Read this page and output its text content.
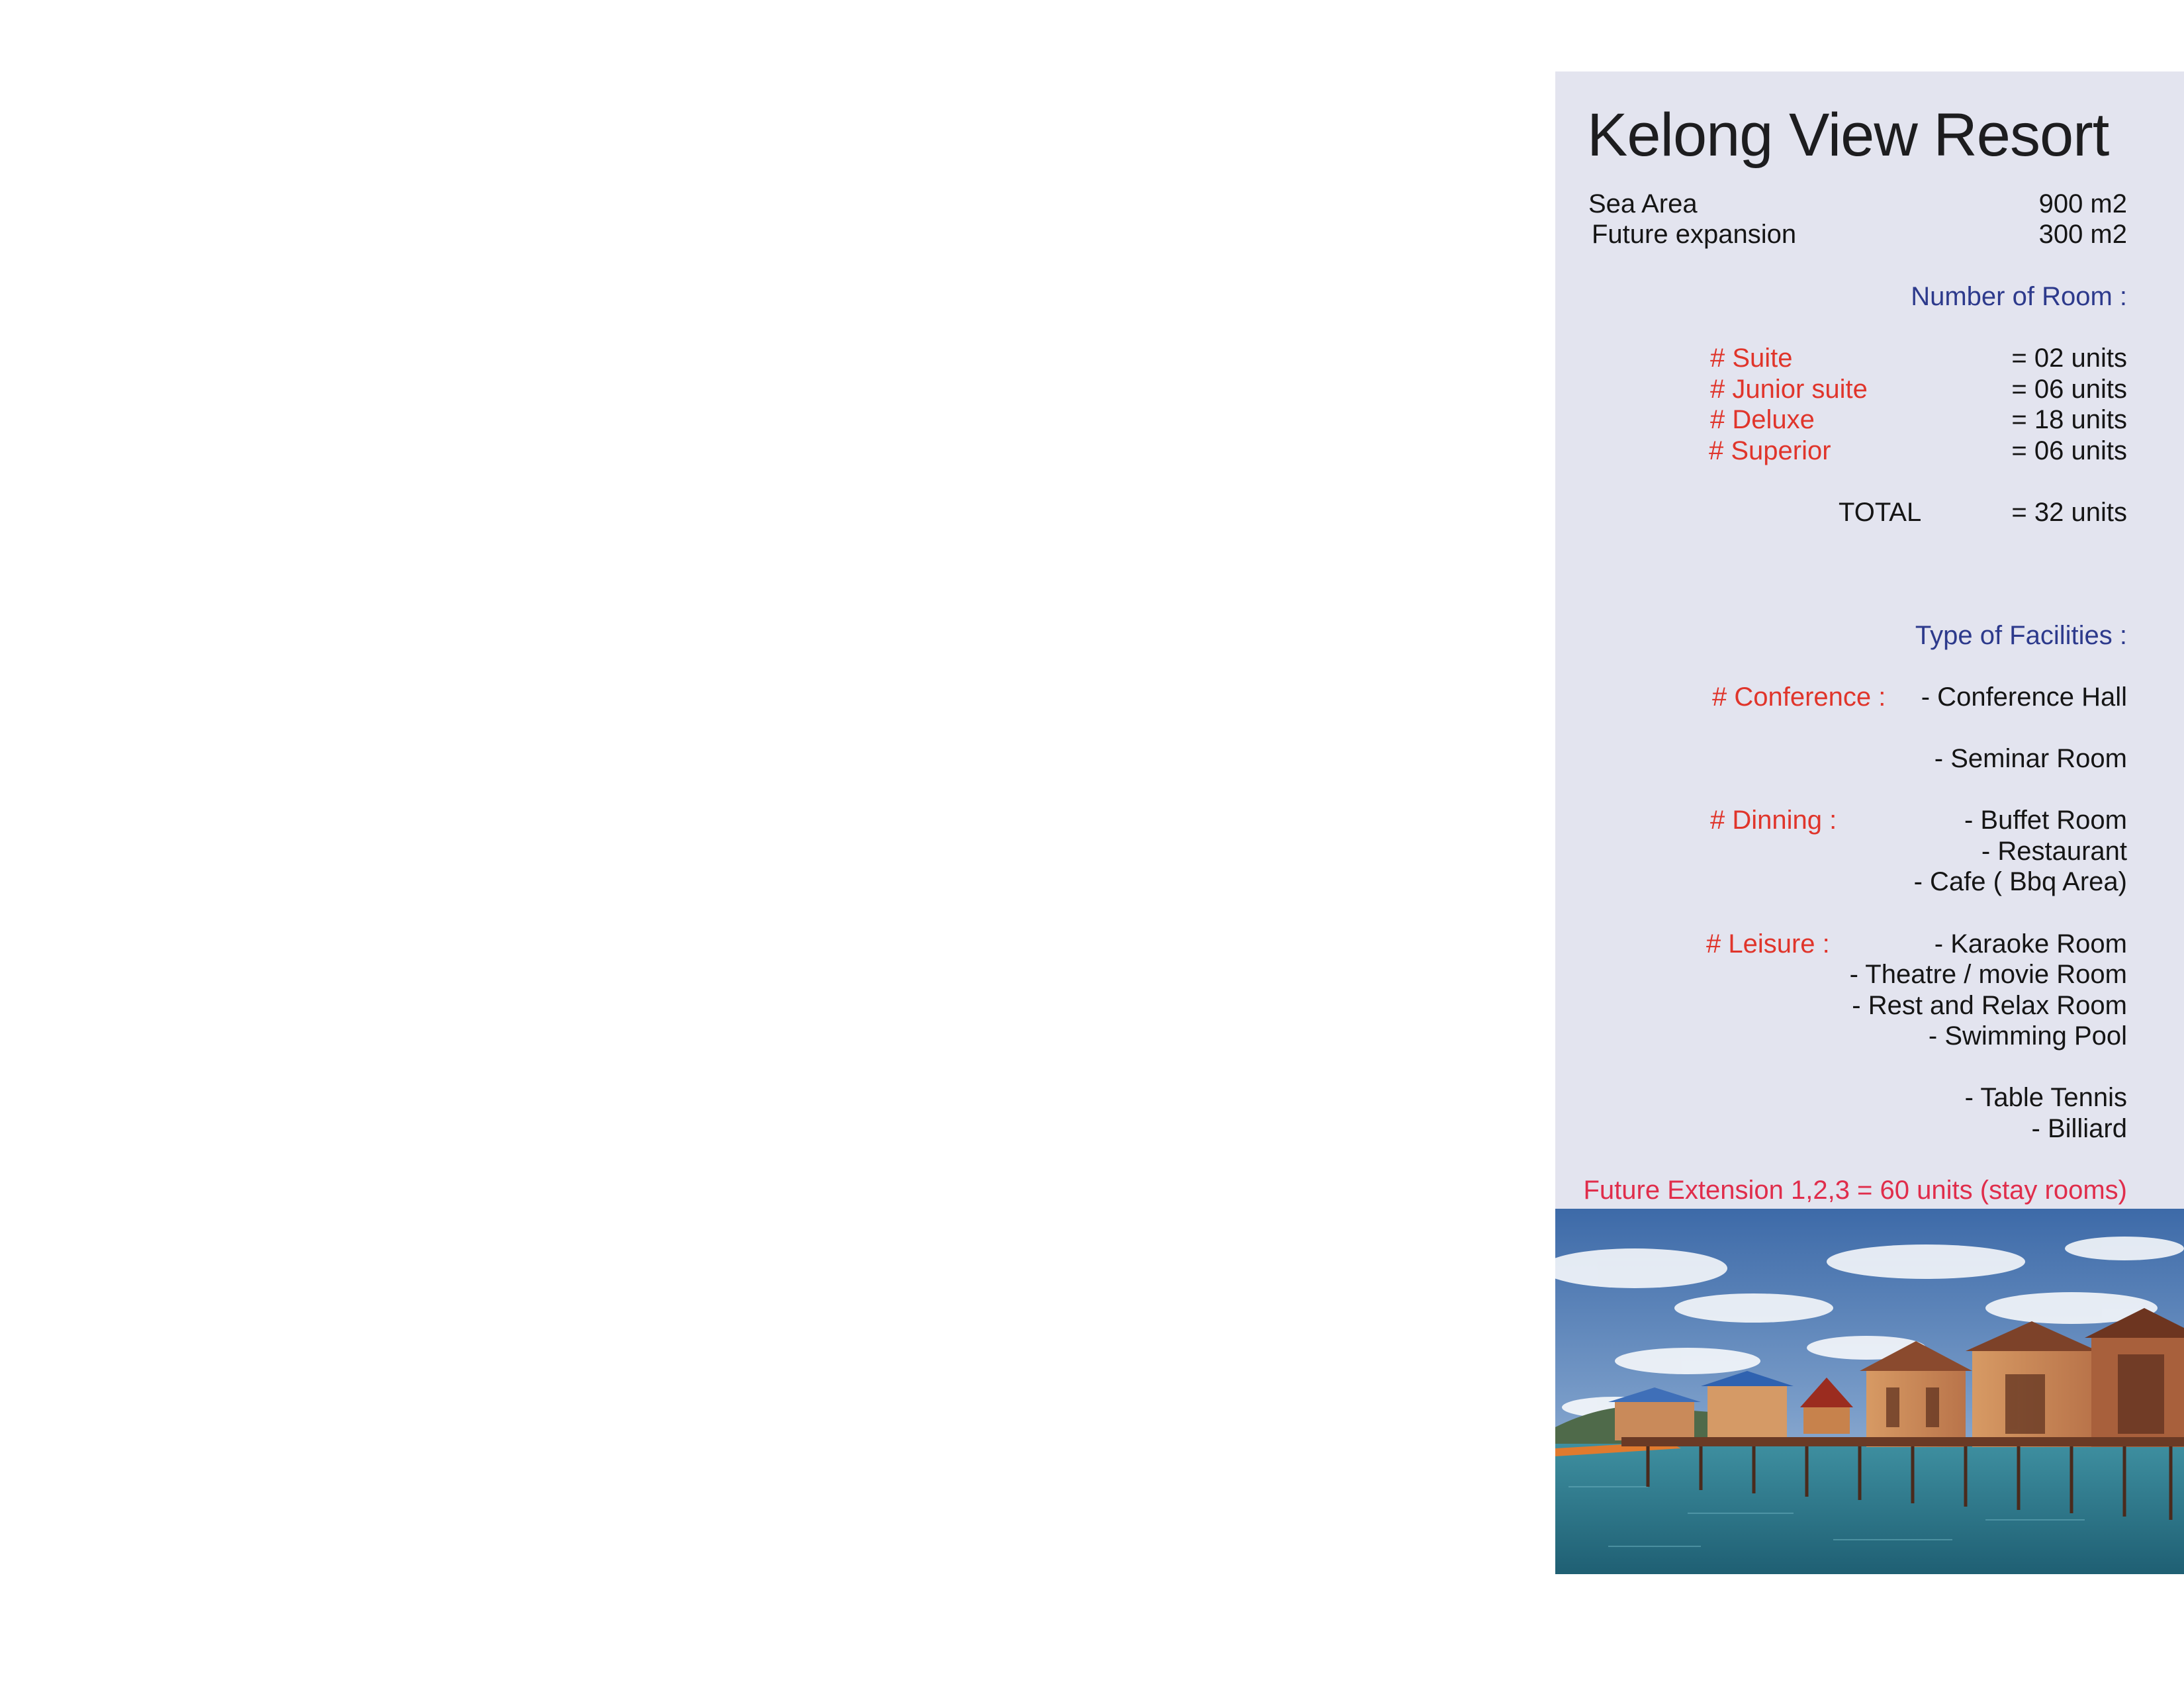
Kelong View Resort
Sea Area	900 m2
Future expansion	300 m2
Number of Room :
# Suite	= 02 units
# Junior suite	= 06 units
# Deluxe	= 18 units
# Superior	= 06 units
TOTAL	= 32 units
Type of Facilities :
# Conference : - Conference Hall
- Seminar Room
# Dinning :	- Buffet Room
- Restaurant
- Cafe ( Bbq Area)
# Leisure :	- Karaoke Room
- Theatre / movie Room
- Rest and Relax Room
- Swimming Pool
- Table Tennis
- Billiard
Future Extension 1,2,3 = 60 units (stay rooms)
